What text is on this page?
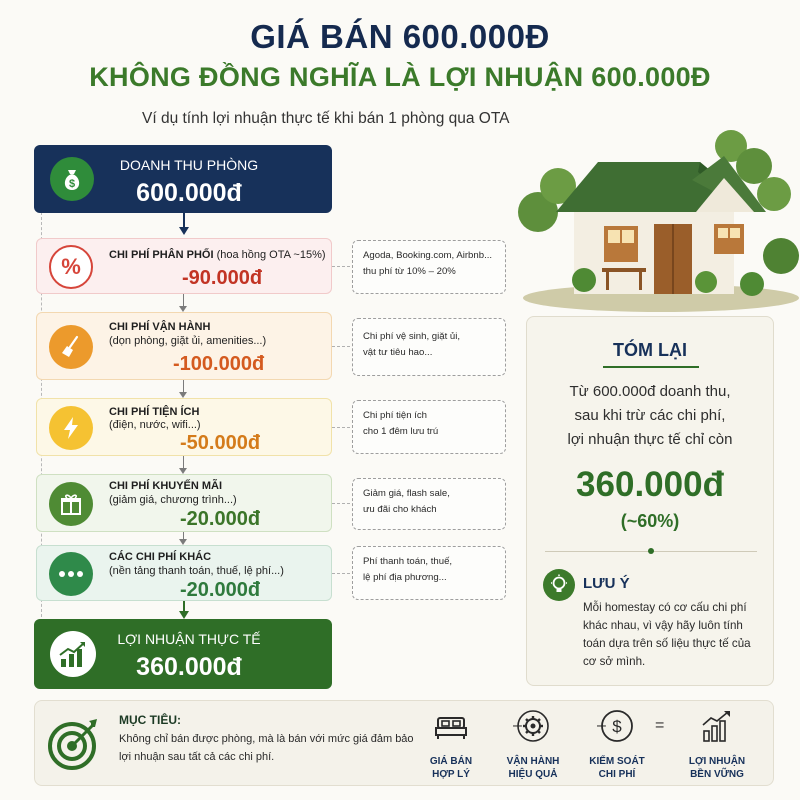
GIÁ BÁN 600.000Đ
KHÔNG ĐỒNG NGHĨA LÀ LỢI NHUẬN 600.000Đ
Ví dụ tính lợi nhuận thực tế khi bán 1 phòng qua OTA
$
DOANH THU PHÒNG
600.000đ
%	CHI PHÍ PHÂN PHỐI (hoa hồng OTA ~15%)
-90.000đ
CHI PHÍ VẬN HÀNH
(dọn phòng, giặt ủi, amenities...)
-100.000đ
CHI PHÍ TIỆN ÍCH
(điện, nước, wifi...)
-50.000đ
CHI PHÍ KHUYẾN MÃI
(giảm giá, chương trình...)
-20.000đ
CÁC CHI PHÍ KHÁC
(nền tảng thanh toán, thuế, lệ phí...)
-20.000đ
LỢI NHUẬN THỰC TẾ
360.000đ
Agoda, Booking.com, Airbnb...
thu phí từ 10% – 20%
Chi phí vệ sinh, giặt ủi,
vật tư tiêu hao...
Chi phí tiện ích
cho 1 đêm lưu trú
Giảm giá, flash sale,
ưu đãi cho khách
Phí thanh toán, thuế,
lệ phí địa phương...
TÓM LẠI
Từ 600.000đ doanh thu,
sau khi trừ các chi phí,
lợi nhuận thực tế chỉ còn
360.000đ
(~60%)
LƯU Ý
Mỗi homestay có cơ cấu chi phí khác nhau, vì vậy hãy luôn tính toán dựa trên số liệu thực tế của cơ sở mình.
MỤC TIÊU:
Không chỉ bán được phòng, mà là bán với mức giá đảm bảo lợi nhuận sau tất cả các chi phí.	GIÁ BÁN
HỢP LÝ
–
VẬN HÀNH
HIỆU QUẢ
– $
KIỂM SOÁT
CHI PHÍ
=
LỢI NHUẬN
BỀN VỮNG
